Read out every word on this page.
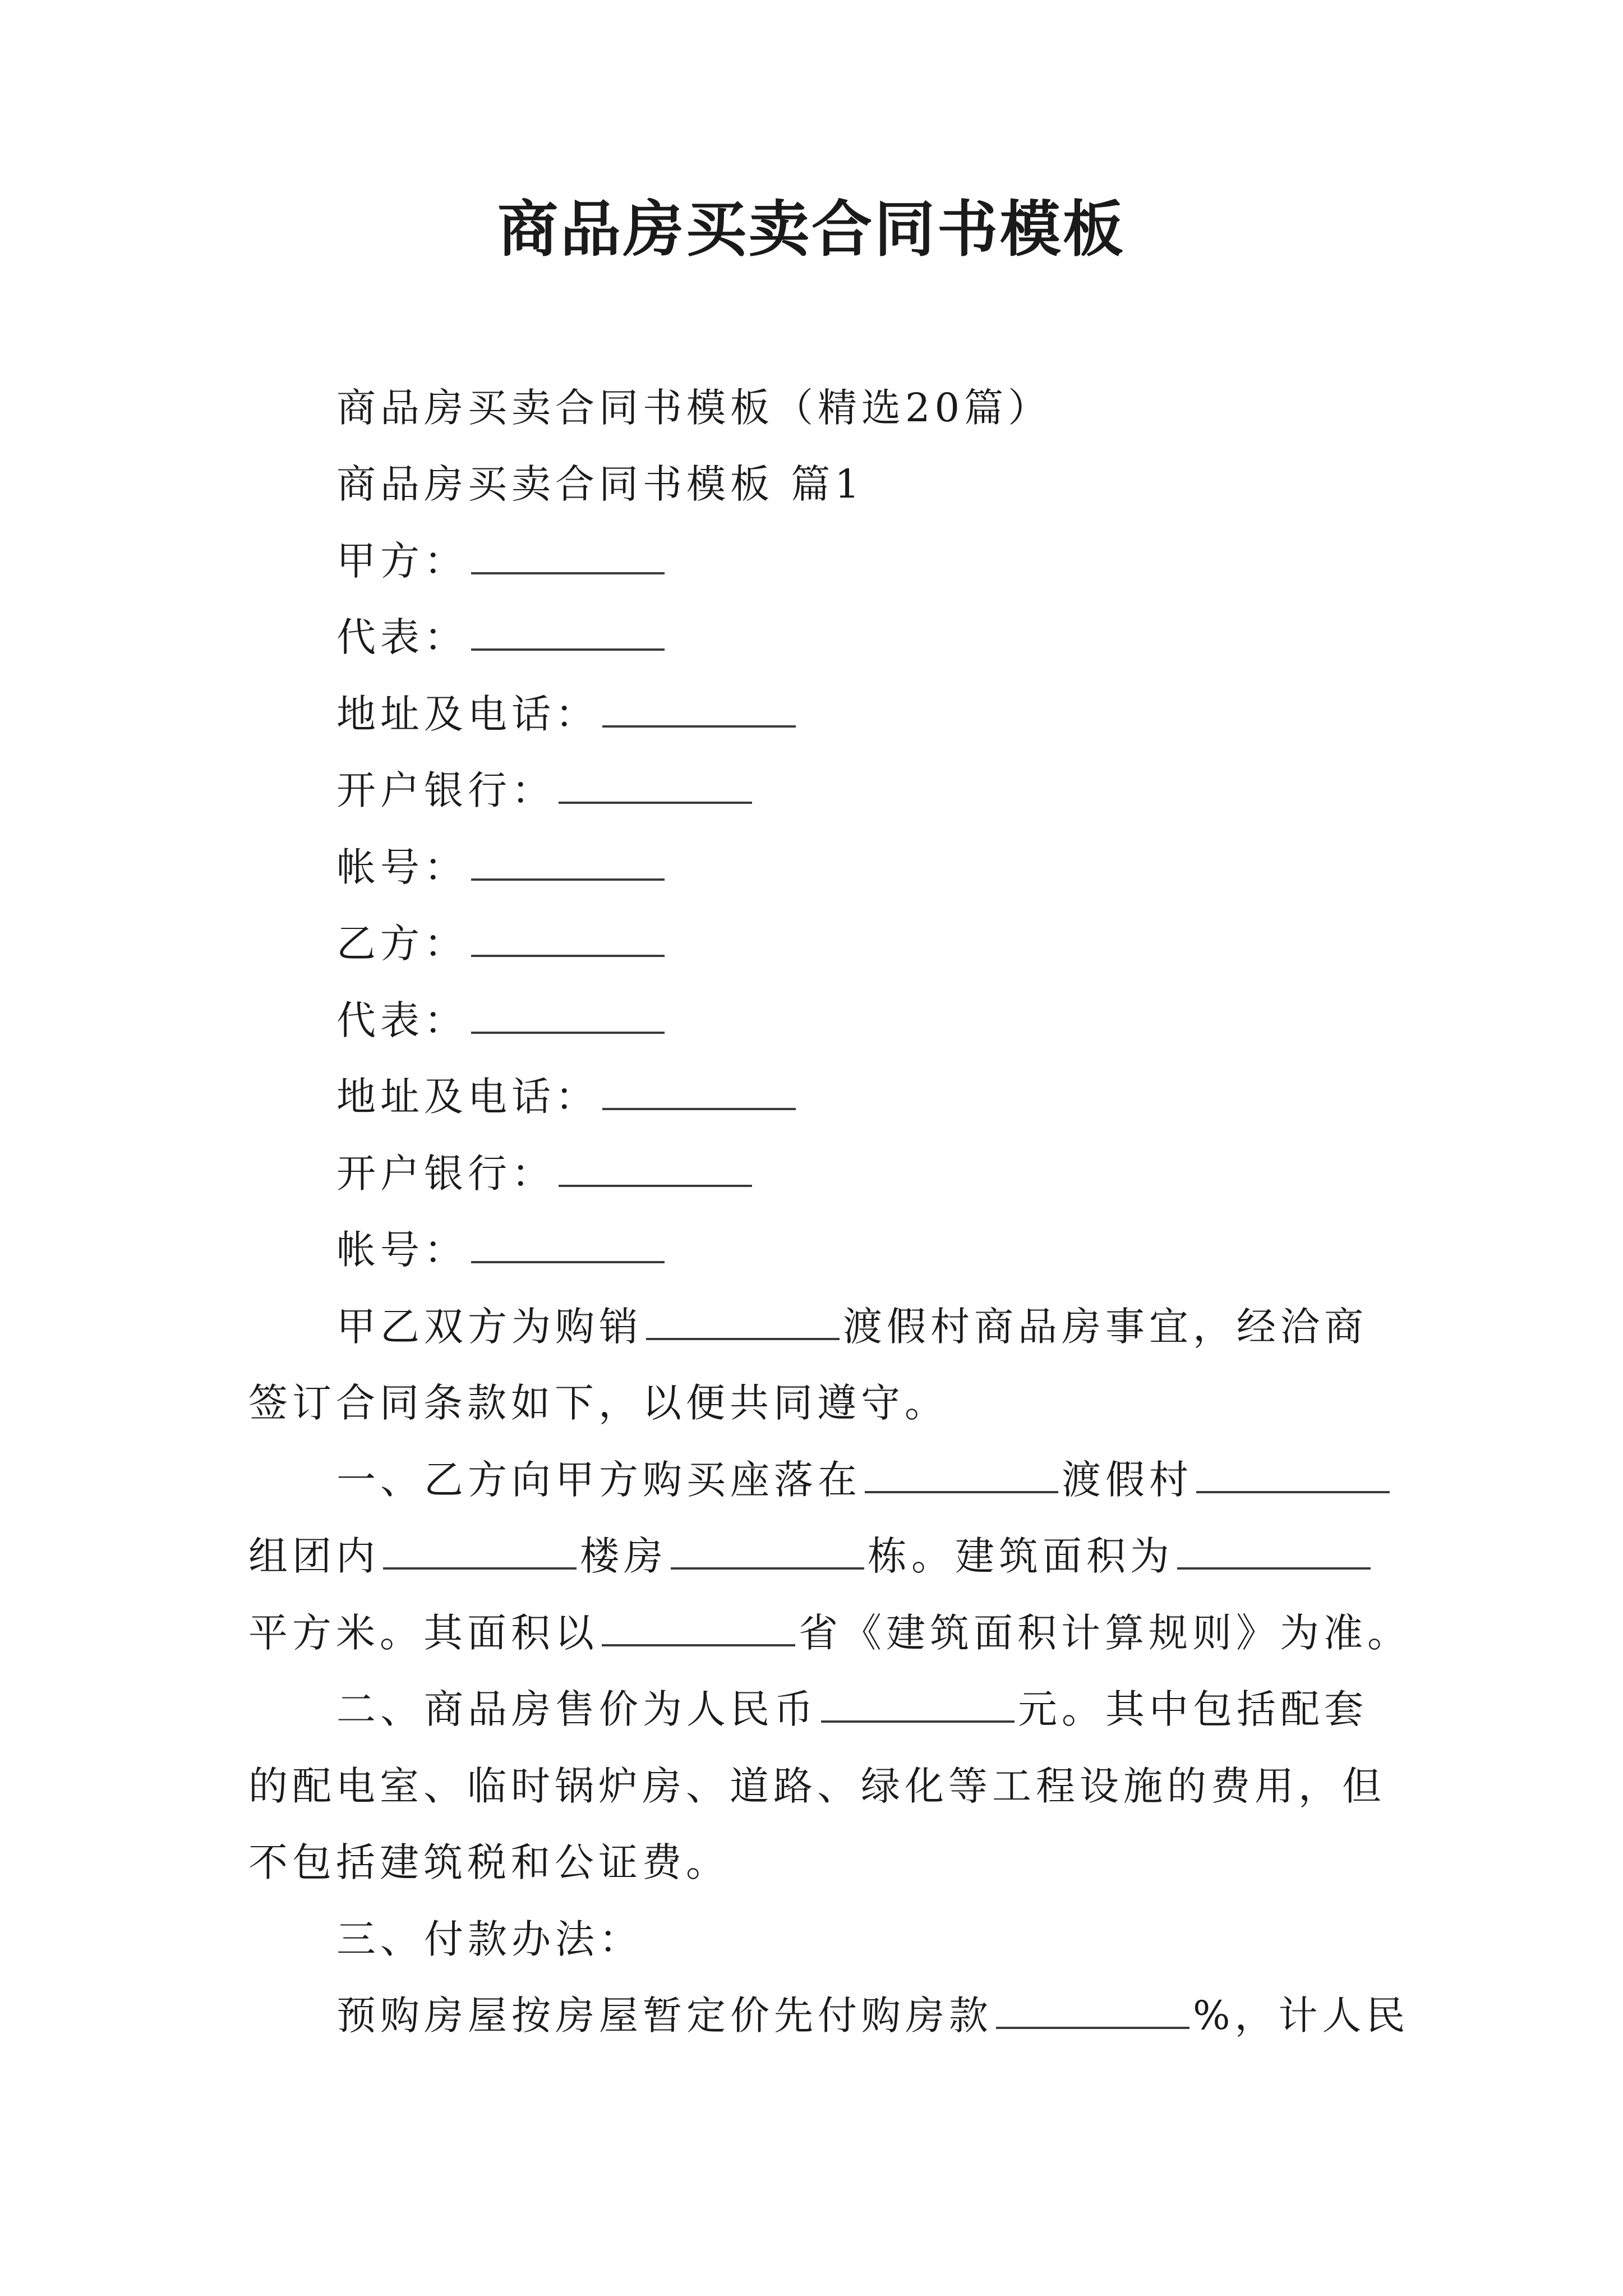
商品房买卖合同书模板
商品房买卖合同书模板（精选20篇）
商品房买卖合同书模板 篇1
甲方：
代表：
地址及电话：
开户银行：
帐号：
乙方：
代表：
地址及电话：
开户银行：
帐号：
甲乙双方为购销	渡假村商品房事宜，经洽商
签订合同条款如下，以便共同遵守。
一、乙方向甲方购买座落在	渡假村
组团内	楼房	栋。建筑面积为
平方米。其面积以	省《建筑面积计算规则》为准。
二、商品房售价为人民币	元。其中包括配套
的配电室、临时锅炉房、道路、绿化等工程设施的费用，但
不包括建筑税和公证费。
三、付款办法：
预购房屋按房屋暂定价先付购房款	%，计人民
